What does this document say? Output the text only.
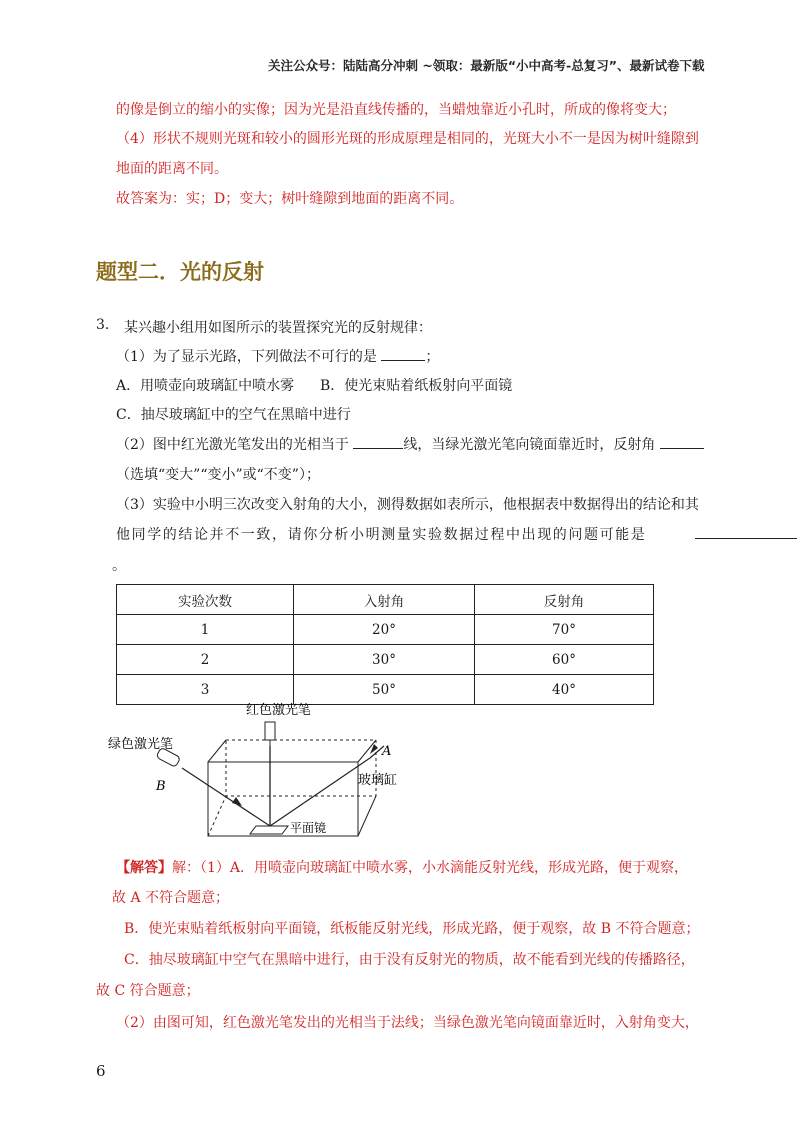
关注公众号：陆陆高分冲刺 ~领取：最新版“小中高考-总复习”、最新试卷下载
的像是倒立的缩小的实像；因为光是沿直线传播的，当蜡烛靠近小孔时，所成的像将变大；
（4）形状不规则光斑和较小的圆形光斑的形成原理是相同的，光斑大小不一是因为树叶缝隙到
地面的距离不同。
故答案为：实；D；变大；树叶缝隙到地面的距离不同。
题型二．光的反射
3. 某兴趣小组用如图所示的装置探究光的反射规律：
（1）为了显示光路，下列做法不可行的是	；
A．用喷壶向玻璃缸中喷水雾 B．使光束贴着纸板射向平面镜
C．抽尽玻璃缸中的空气在黑暗中进行
（2）图中红光激光笔发出的光相当于	线，当绿光激光笔向镜面靠近时，反射角
（选填“变大”“变小”或“不变”）；
（3）实验中小明三次改变入射角的大小，测得数据如表所示，他根据表中数据得出的结论和其
他同学的结论并不一致，请你分析小明测量实验数据过程中出现的问题可能是
。
实验次数	入射角	反射角
1	20°	70°
2	30°	60°
3	50°	40°
红色激光笔
绿色激光笔	A
B	玻璃缸
平面镜
【解答】解：（1）A．用喷壶向玻璃缸中喷水雾，小水滴能反射光线，形成光路，便于观察，
故 A 不符合题意；
B．使光束贴着纸板射向平面镜，纸板能反射光线，形成光路，便于观察，故 B 不符合题意；
C．抽尽玻璃缸中空气在黑暗中进行，由于没有反射光的物质，故不能看到光线的传播路径，
故 C 符合题意；
（2）由图可知，红色激光笔发出的光相当于法线；当绿色激光笔向镜面靠近时，入射角变大，
6
